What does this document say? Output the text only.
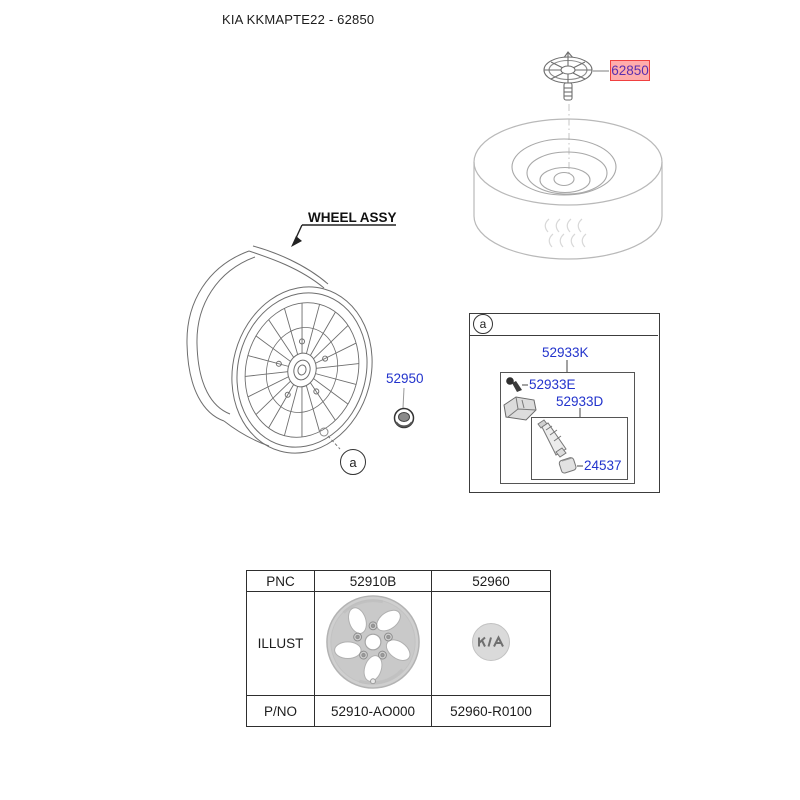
KIA KKMAPTE22 - 62850
WHEEL ASSY
62850
52950
52933K
52933E
52933D
24537
a
a
PNC	52910B	52960
ILLUST		
P/NO	52910-AO000	52960-R0100
